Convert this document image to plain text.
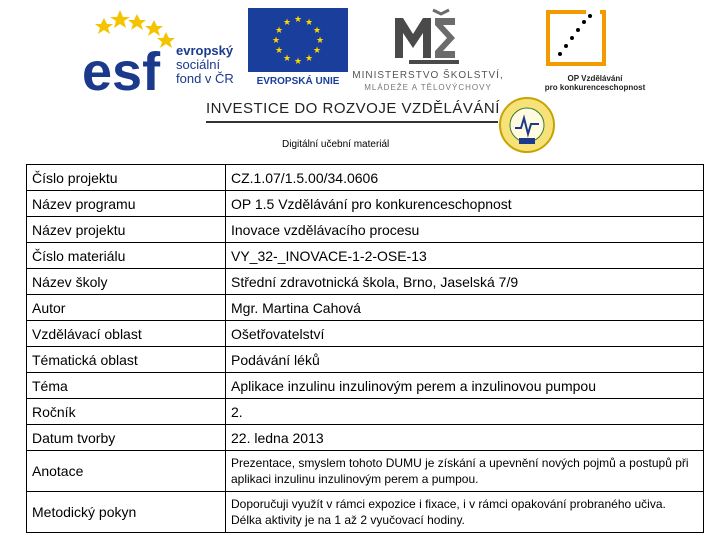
esf evropský
sociální
fond v ČR
★ ★
★
★
★
★
★
★
★
★
★
★
EVROPSKÁ UNIE
MINISTERSTVO ŠKOLSTVÍ,
MLÁDEŽE A TĚLOVÝCHOVY
OP Vzdělávání
pro konkurenceschopnost
INVESTICE DO ROZVOJE VZDĚLÁVÁNÍ
Digitální učební materiál
Číslo projektu	CZ.1.07/1.5.00/34.0606
Název programu	OP 1.5 Vzdělávání pro konkurenceschopnost
Název projektu	Inovace vzdělávacího procesu
Číslo materiálu	VY_32-_INOVACE-1-2-OSE-13
Název školy	Střední zdravotnická škola, Brno, Jaselská 7/9
Autor	Mgr. Martina Cahová
Vzdělávací oblast	Ošetřovatelství
Tématická oblast	Podávání léků
Téma	Aplikace inzulinu inzulinovým perem a inzulinovou pumpou
Ročník	2.
Datum tvorby	22. ledna 2013
Anotace	Prezentace, smyslem tohoto DUMU je získání a upevnění nových pojmů a postupů při aplikaci inzulinu inzulinovým perem a pumpou.
Metodický pokyn	Doporučuji využít v rámci expozice i fixace, i v rámci opakování probraného učiva. Délka aktivity je na 1 až 2 vyučovací hodiny.
